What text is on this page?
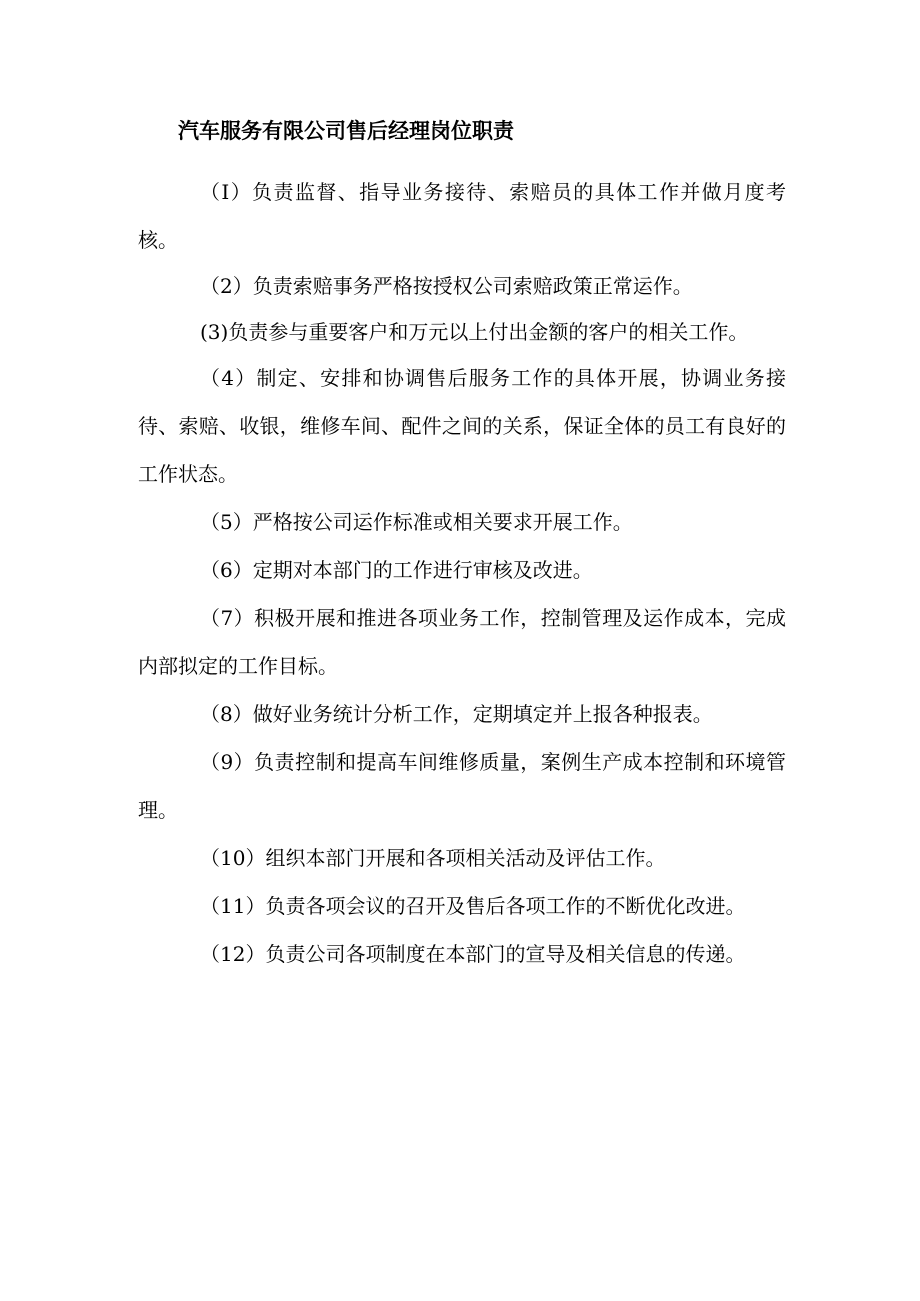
汽车服务有限公司售后经理岗位职责

（I）负责监督、指导业务接待、索赔员的具体工作并做月度考核。

（2）负责索赔事务严格按授权公司索赔政策正常运作。

(3)负责参与重要客户和万元以上付出金额的客户的相关工作。

（4）制定、安排和协调售后服务工作的具体开展，协调业务接待、索赔、收银，维修车间、配件之间的关系，保证全体的员工有良好的工作状态。

（5）严格按公司运作标准或相关要求开展工作。

（6）定期对本部门的工作进行审核及改进。

（7）积极开展和推进各项业务工作，控制管理及运作成本，完成内部拟定的工作目标。

（8）做好业务统计分析工作，定期填定并上报各种报表。

（9）负责控制和提高车间维修质量，案例生产成本控制和环境管理。

（10）组织本部门开展和各项相关活动及评估工作。

（11）负责各项会议的召开及售后各项工作的不断优化改进。

（12）负责公司各项制度在本部门的宣导及相关信息的传递。
